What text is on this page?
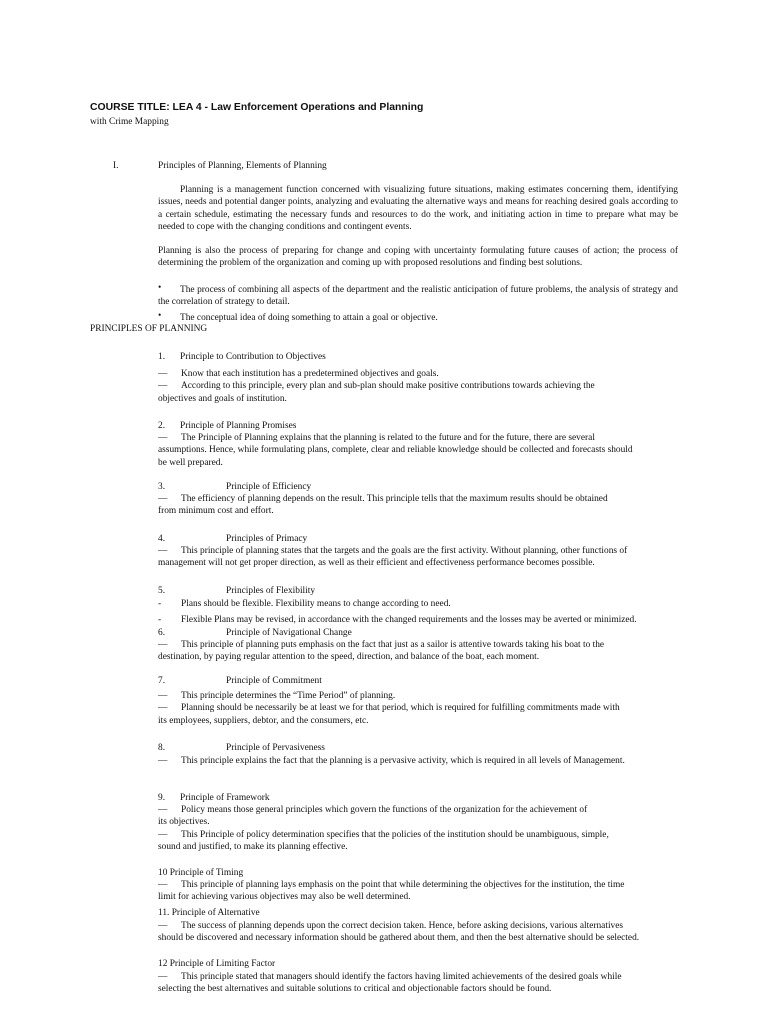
COURSE TITLE: LEA 4 - Law Enforcement Operations and Planning
with Crime Mapping
I.	Principles of Planning, Elements of Planning
Planning is a management function concerned with visualizing future situations, making estimates concerning them, identifying issues, needs and potential danger points, analyzing and evaluating the alternative ways and means for reaching desired goals according to a certain schedule, estimating the necessary funds and resources to do the work, and initiating action in time to prepare what may be needed to cope with the changing conditions and contingent events.
Planning is also the process of preparing for change and coping with uncertainty formulating future causes of action; the process of determining the problem of the organization and coming up with proposed resolutions and finding best solutions.
•	The process of combining all aspects of the department and the realistic anticipation of future problems, the analysis of strategy and the correlation of strategy to detail.
• The conceptual idea of doing something to attain a goal or objective.
PRINCIPLES OF PLANNING
1. Principle to Contribution to Objectives
— Know that each institution has a predetermined objectives and goals.
— According to this principle, every plan and sub-plan should make positive contributions towards achieving the
objectives and goals of institution.
2. Principle of Planning Promises
— The Principle of Planning explains that the planning is related to the future and for the future, there are several
assumptions. Hence, while formulating plans, complete, clear and reliable knowledge should be collected and forecasts should
be well prepared.
3.	Principle of Efficiency
— The efficiency of planning depends on the result. This principle tells that the maximum results should be obtained
from minimum cost and effort.
4.	Principles of Primacy
— This principle of planning states that the targets and the goals are the first activity. Without planning, other functions of
management will not get proper direction, as well as their efficient and effectiveness performance becomes possible.
5.	Principles of Flexibility
- Plans should be flexible. Flexibility means to change according to need.
- Flexible Plans may be revised, in accordance with the changed requirements and the losses may be averted or minimized.
6.	Principle of Navigational Change
— This principle of planning puts emphasis on the fact that just as a sailor is attentive towards taking his boat to the
destination, by paying regular attention to the speed, direction, and balance of the boat, each moment.
7.	Principle of Commitment
— This principle determines the “Time Period” of planning.
— Planning should be necessarily be at least we for that period, which is required for fulfilling commitments made with
its employees, suppliers, debtor, and the consumers, etc.
8.	Principle of Pervasiveness
— This principle explains the fact that the planning is a pervasive activity, which is required in all levels of Management.
9. Principle of Framework
— Policy means those general principles which govern the functions of the organization for the achievement of
its objectives.
— This Principle of policy determination specifies that the policies of the institution should be unambiguous, simple,
sound and justified, to make its planning effective.
10 Principle of Timing
— This principle of planning lays emphasis on the point that while determining the objectives for the institution, the time
limit for achieving various objectives may also be well determined.
11. Principle of Alternative
— The success of planning depends upon the correct decision taken. Hence, before asking decisions, various alternatives
should be discovered and necessary information should be gathered about them, and then the best alternative should be selected.
12 Principle of Limiting Factor
— This principle stated that managers should identify the factors having limited achievements of the desired goals while
selecting the best alternatives and suitable solutions to critical and objectionable factors should be found.
